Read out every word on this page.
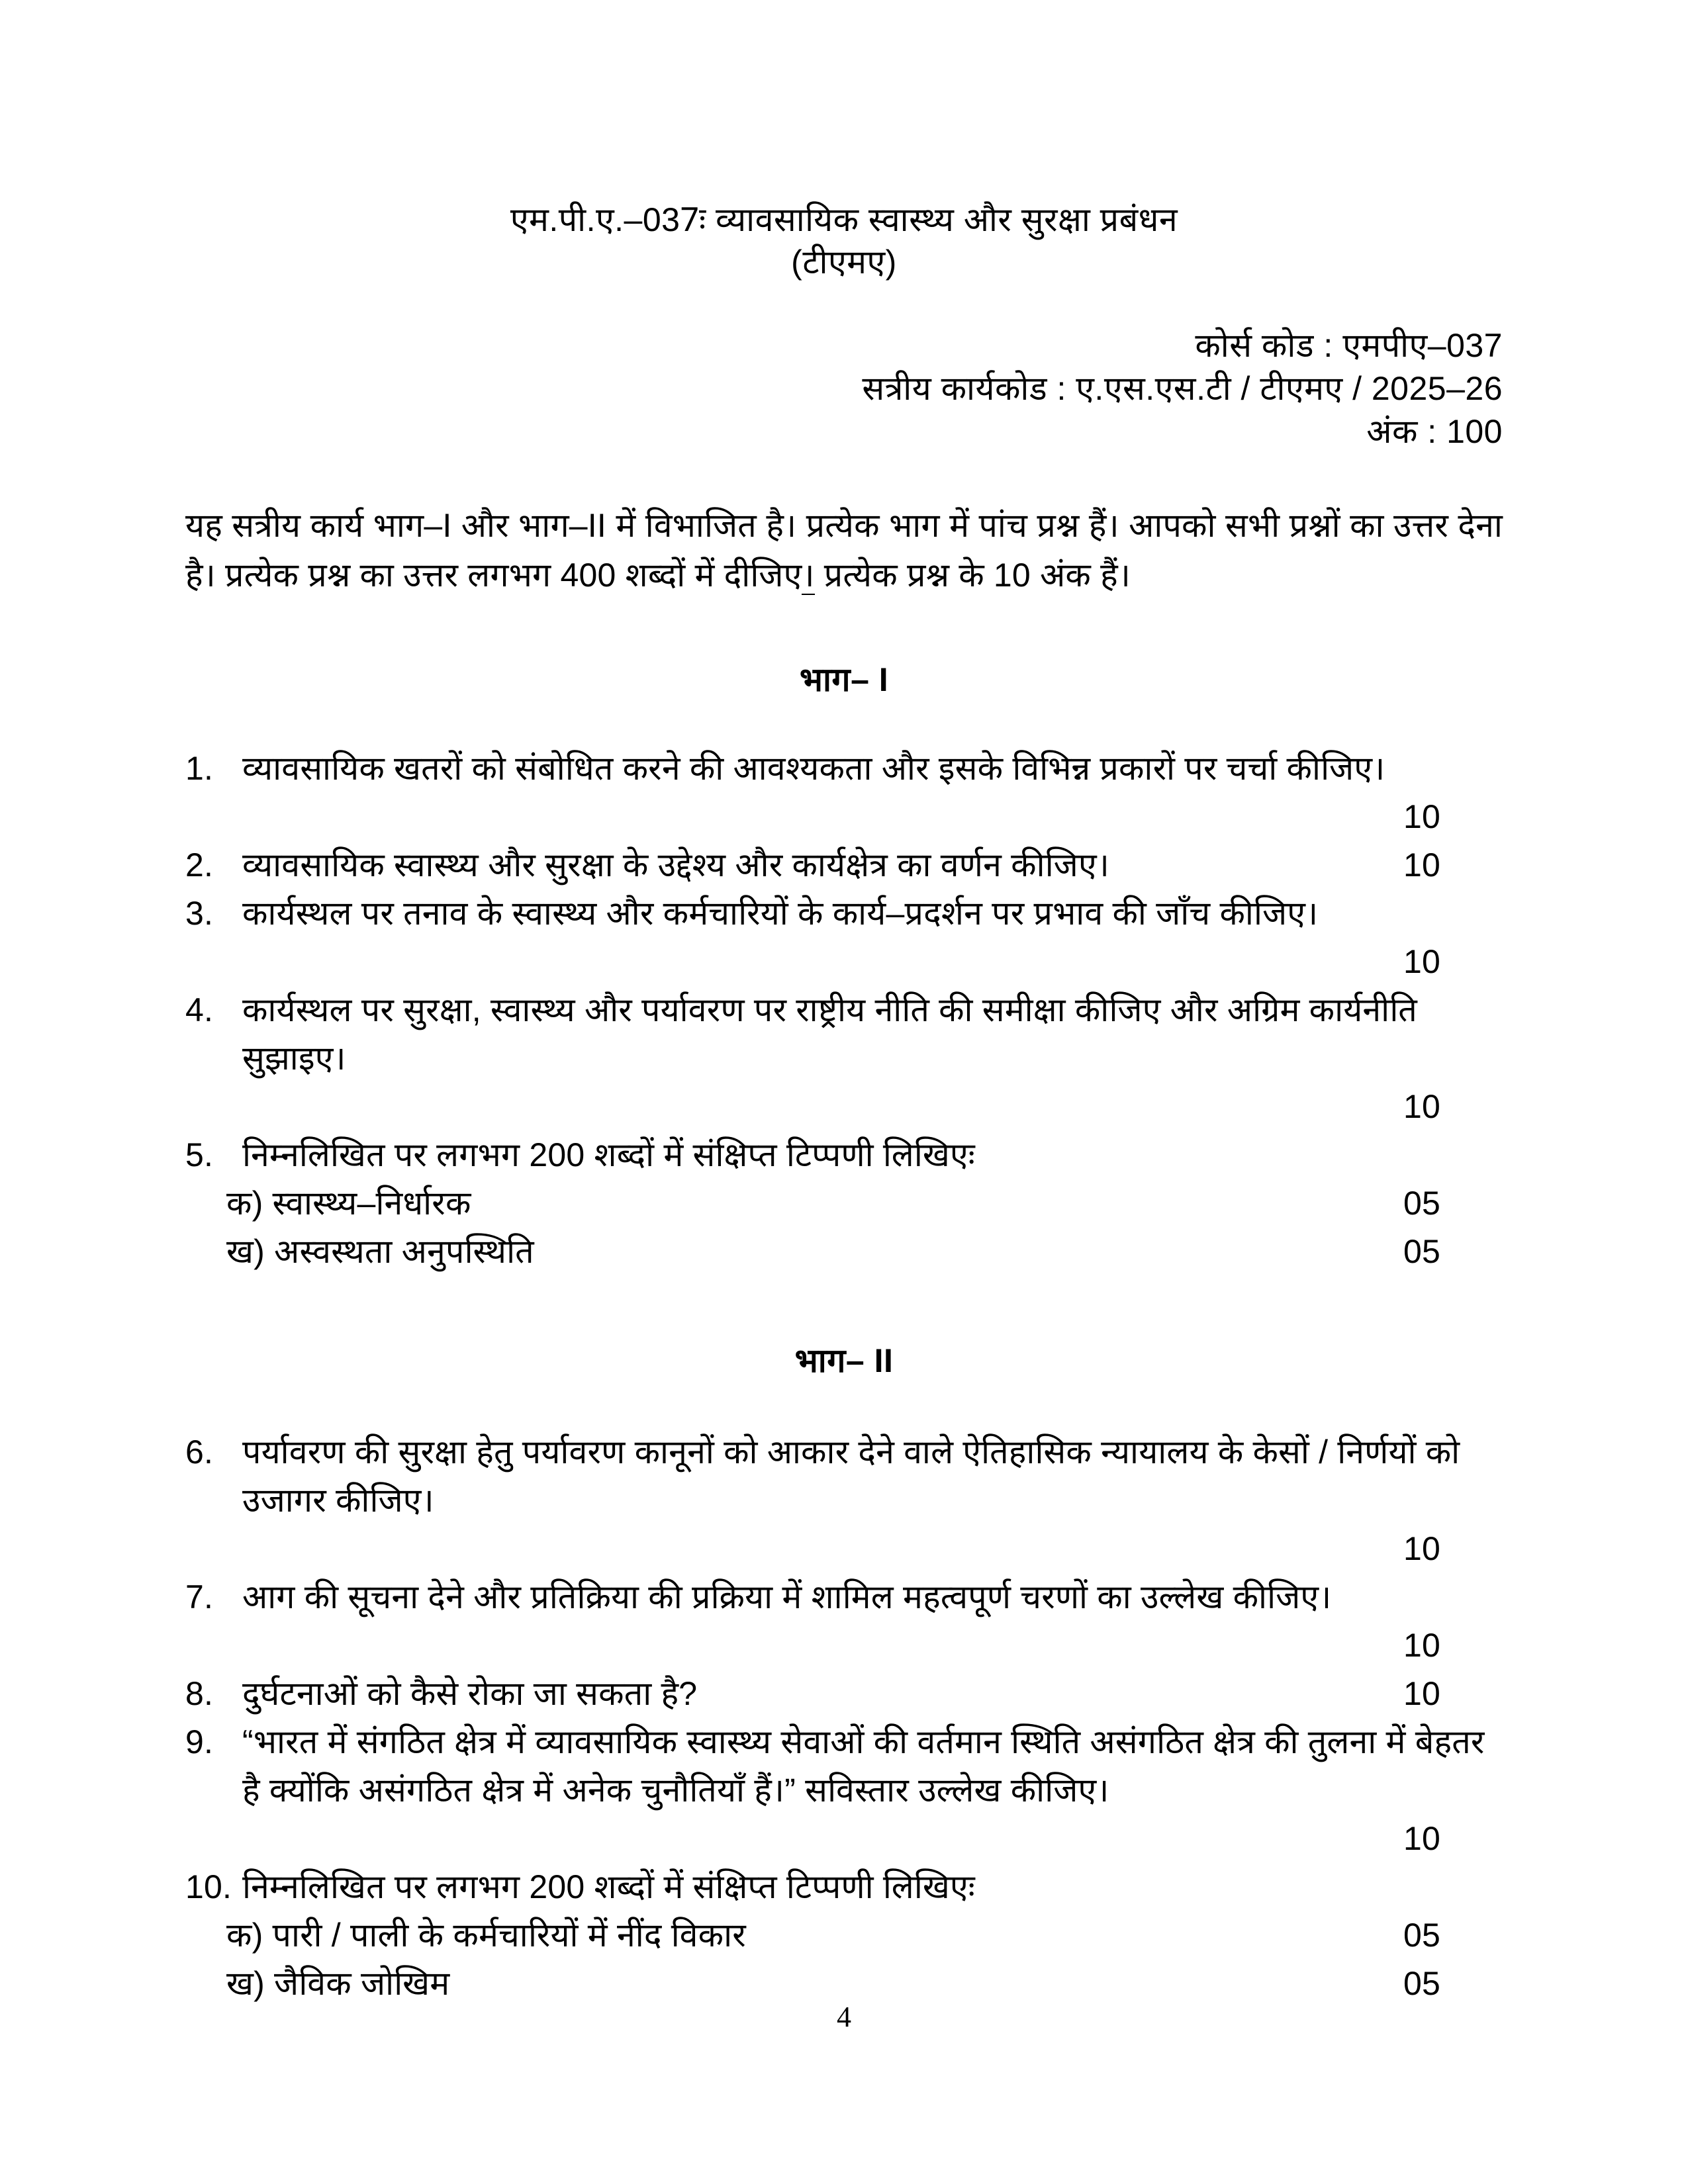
एम.पी.ए.–037ः व्यावसायिक स्वास्थ्य और सुरक्षा प्रबंधन
(टीएमए)
कोर्स कोड : एमपीए–037
सत्रीय कार्यकोड : ए.एस.एस.टी / टीएमए / 2025–26
अंक : 100
यह सत्रीय कार्य भाग–I और भाग–II में विभाजित है। प्रत्येक भाग में पांच प्रश्न हैं। आपको सभी प्रश्नों का उत्तर देना है। प्रत्येक प्रश्न का उत्तर लगभग 400 शब्दों में दीजिए। प्रत्येक प्रश्न के 10 अंक हैं।
भाग– I
1. व्यावसायिक खतरों को संबोधित करने की आवश्यकता और इसके विभिन्न प्रकारों पर चर्चा कीजिए।
10
2. व्यावसायिक स्वास्थ्य और सुरक्षा के उद्देश्य और कार्यक्षेत्र का वर्णन कीजिए।	10
3. कार्यस्थल पर तनाव के स्वास्थ्य और कर्मचारियों के कार्य–प्रदर्शन पर प्रभाव की जाँच कीजिए।
10
4. कार्यस्थल पर सुरक्षा, स्वास्थ्य और पर्यावरण पर राष्ट्रीय नीति की समीक्षा कीजिए और अग्रिम कार्यनीति सुझाइए।
10
5. निम्नलिखित पर लगभग 200 शब्दों में संक्षिप्त टिप्पणी लिखिएः
क) स्वास्थ्य–निर्धारक	05
ख) अस्वस्थता अनुपस्थिति	05
भाग– II
6. पर्यावरण की सुरक्षा हेतु पर्यावरण कानूनों को आकार देने वाले ऐतिहासिक न्यायालय के केसों / निर्णयों को उजागर कीजिए।
10
7. आग की सूचना देने और प्रतिक्रिया की प्रक्रिया में शामिल महत्वपूर्ण चरणों का उल्लेख कीजिए।
10
8. दुर्घटनाओं को कैसे रोका जा सकता है?	10
9. “भारत में संगठित क्षेत्र में व्यावसायिक स्वास्थ्य सेवाओं की वर्तमान स्थिति असंगठित क्षेत्र की तुलना में बेहतर है क्योंकि असंगठित क्षेत्र में अनेक चुनौतियाँ हैं।” सविस्तार उल्लेख कीजिए।
10
10. निम्नलिखित पर लगभग 200 शब्दों में संक्षिप्त टिप्पणी लिखिएः
क) पारी / पाली के कर्मचारियों में नींद विकार	05
ख) जैविक जोखिम	05
4
